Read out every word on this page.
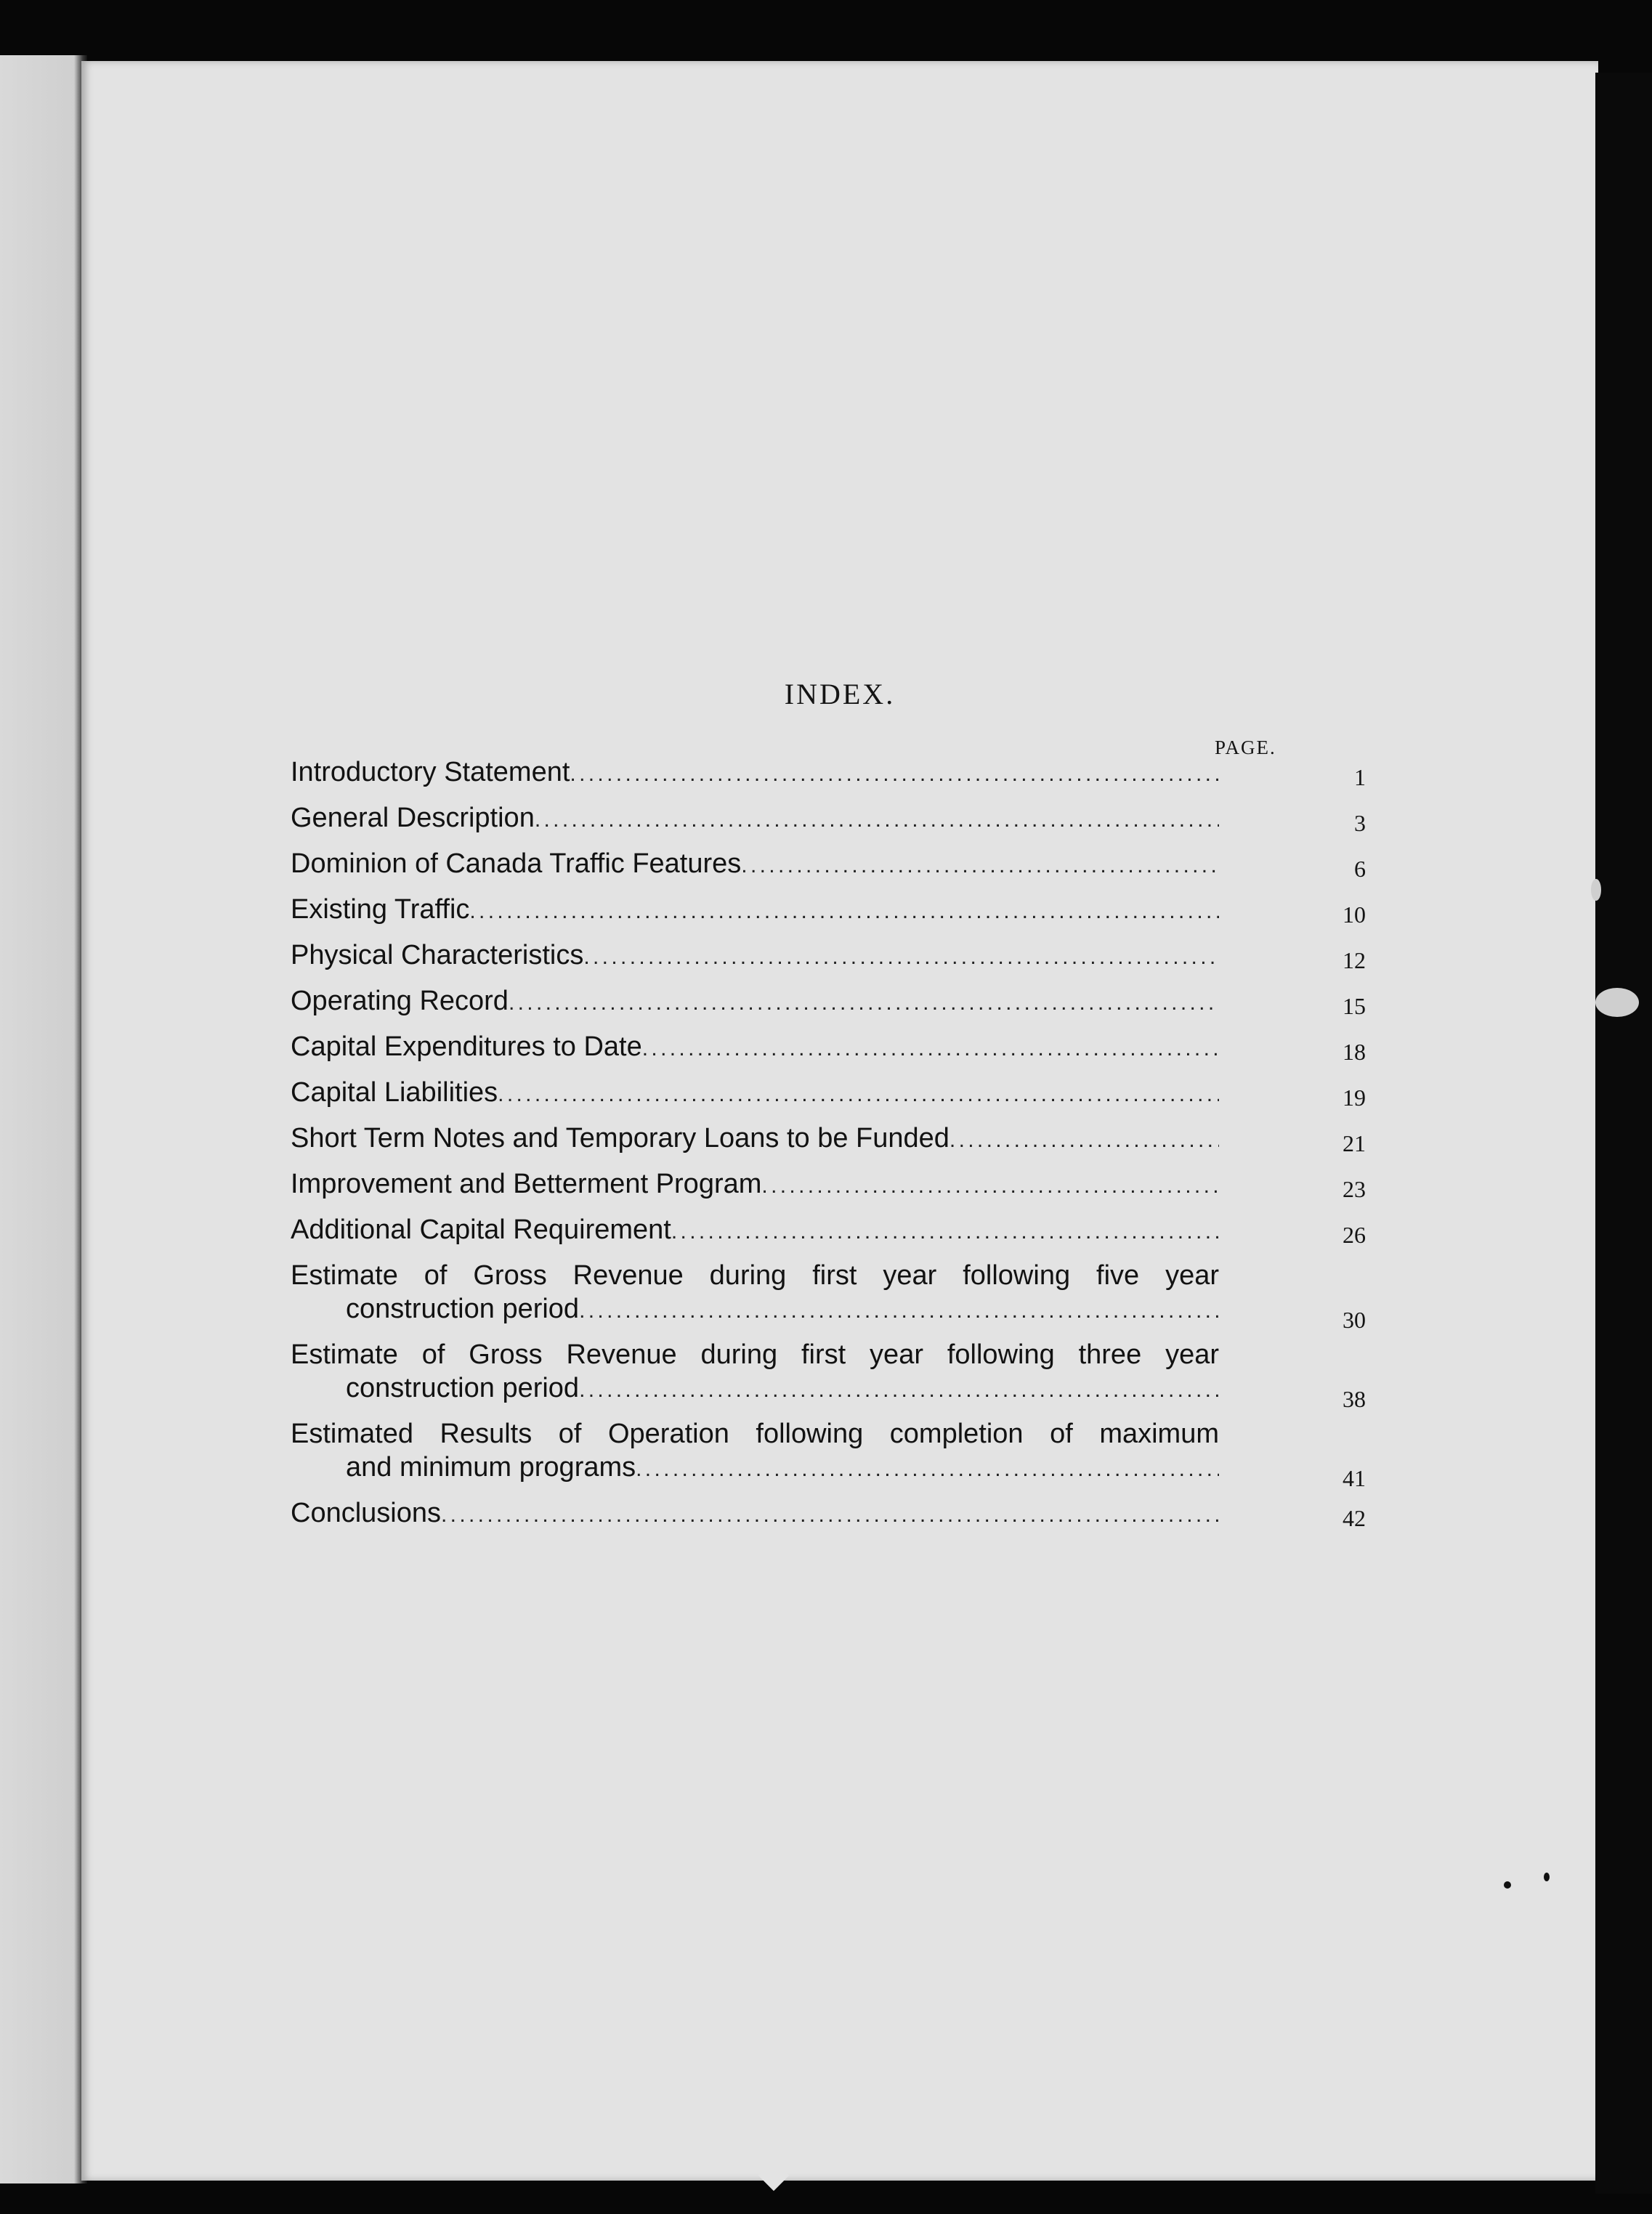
INDEX.
PAGE.
Introductory Statement . . .	1
General Description . . .	3
Dominion of Canada Traffic Features . . .	6
Existing Traffic . . .	10
Physical Characteristics . . .	12
Operating Record . . .	15
Capital Expenditures to Date . . .	18
Capital Liabilities . . .	19
Short Term Notes and Temporary Loans to be Funded . . .	21
Improvement and Betterment Program . . .	23
Additional Capital Requirement . . .	26
Estimate of Gross Revenue during first year following five year
construction period . . .	30
Estimate of Gross Revenue during first year following three year
construction period . . .	38
Estimated Results of Operation following completion of maximum
and minimum programs . . .	41
Conclusions . . .	42
